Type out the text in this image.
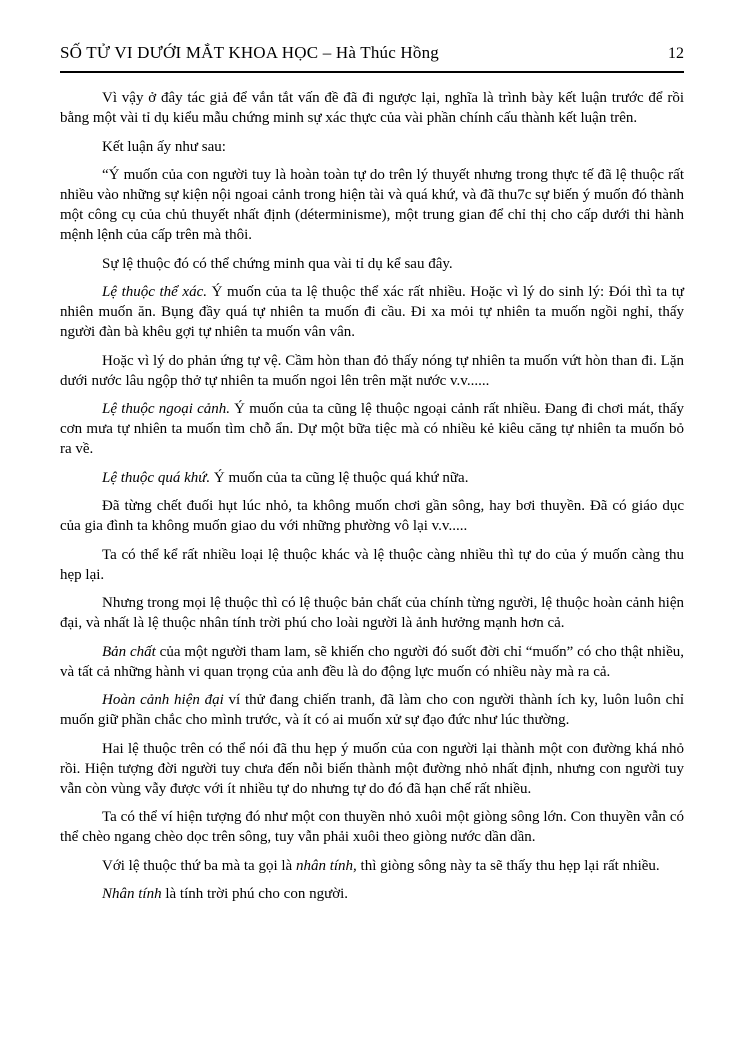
SỐ TỬ VI DƯỚI MẮT KHOA HỌC – Hà Thúc Hồng	12

Vì vậy ở đây tác giả để vắn tắt vấn đề đã đi ngược lại, nghĩa là trình bày kết luận trước để rồi bằng một vài tỉ dụ kiểu mẫu chứng minh sự xác thực của vài phần chính cấu thành kết luận trên.

Kết luận ấy như sau:

“Ý muốn của con người tuy là hoàn toàn tự do trên lý thuyết nhưng trong thực tế đã lệ thuộc rất nhiều vào những sự kiện nội ngoai cảnh trong hiện tài và quá khứ, và đã thu7c sự biến ý muốn đó thành một công cụ của chủ thuyết nhất định (déterminisme), một trung gian để chỉ thị cho cấp dưới thi hành mệnh lệnh của cấp trên mà thôi.

Sự lệ thuộc đó có thể chứng minh qua vài tỉ dụ kể sau đây.

Lệ thuộc thể xác. Ý muốn của ta lệ thuộc thể xác rất nhiều. Hoặc vì lý do sinh lý: Đói thì ta tự nhiên muốn ăn. Bụng đầy quá tự nhiên ta muốn đi cầu. Đi xa mỏi tự nhiên ta muốn ngồi nghỉ, thấy người đàn bà khêu gợi tự nhiên ta muốn vân vân.

Hoặc vì lý do phản ứng tự vệ. Cầm hòn than đỏ thấy nóng tự nhiên ta muốn vứt hòn than đi. Lặn dưới nước lâu ngộp thở tự nhiên ta muốn ngoi lên trên mặt nước v.v......

Lệ thuộc ngoại cảnh. Ý muốn của ta cũng lệ thuộc ngoại cảnh rất nhiều. Đang đi chơi mát, thấy cơn mưa tự nhiên ta muốn tìm chỗ ẩn. Dự một bữa tiệc mà có nhiều kẻ kiêu căng tự nhiên ta muốn bỏ ra về.

Lệ thuộc quá khứ. Ý muốn của ta cũng lệ thuộc quá khứ nữa.

Đã từng chết đuối hụt lúc nhỏ, ta không muốn chơi gần sông, hay bơi thuyền. Đã có giáo dục của gia đình ta không muốn giao du với những phường vô lại v.v.....

Ta có thể kể rất nhiều loại lệ thuộc khác và lệ thuộc càng nhiều thì tự do của ý muốn càng thu hẹp lại.

Nhưng trong mọi lệ thuộc thì có lệ thuộc bản chất của chính từng người, lệ thuộc hoàn cảnh hiện đại, và nhất là lệ thuộc nhân tính trời phú cho loài người là ảnh hưởng mạnh hơn cả.

Bản chất của một người tham lam, sẽ khiến cho người đó suốt đời chỉ “muốn” có cho thật nhiều, và tất cả những hành vi quan trọng của anh đều là do động lực muốn có nhiều này mà ra cả.

Hoàn cảnh hiện đại ví thử đang chiến tranh, đã làm cho con người thành ích ky, luôn luôn chỉ muốn giữ phần chắc cho mình trước, và ít có ai muốn xử sự đạo đức như lúc thường.

Hai lệ thuộc trên có thể nói đã thu hẹp ý muốn của con người lại thành một con đường khá nhỏ rồi. Hiện tượng đời người tuy chưa đến nỗi biến thành một đường nhỏ nhất định, nhưng con người tuy vẫn còn vùng vẫy được với ít nhiều tự do nhưng tự do đó đã hạn chế rất nhiều.

Ta có thể ví hiện tượng đó như một con thuyền nhỏ xuôi một giòng sông lớn. Con thuyền vẫn có thể chèo ngang chèo dọc trên sông, tuy vẫn phải xuôi theo giòng nước dần dần.

Với lệ thuộc thứ ba mà ta gọi là nhân tính, thì giòng sông này ta sẽ thấy thu hẹp lại rất nhiều.

Nhân tính là tính trời phú cho con người.
